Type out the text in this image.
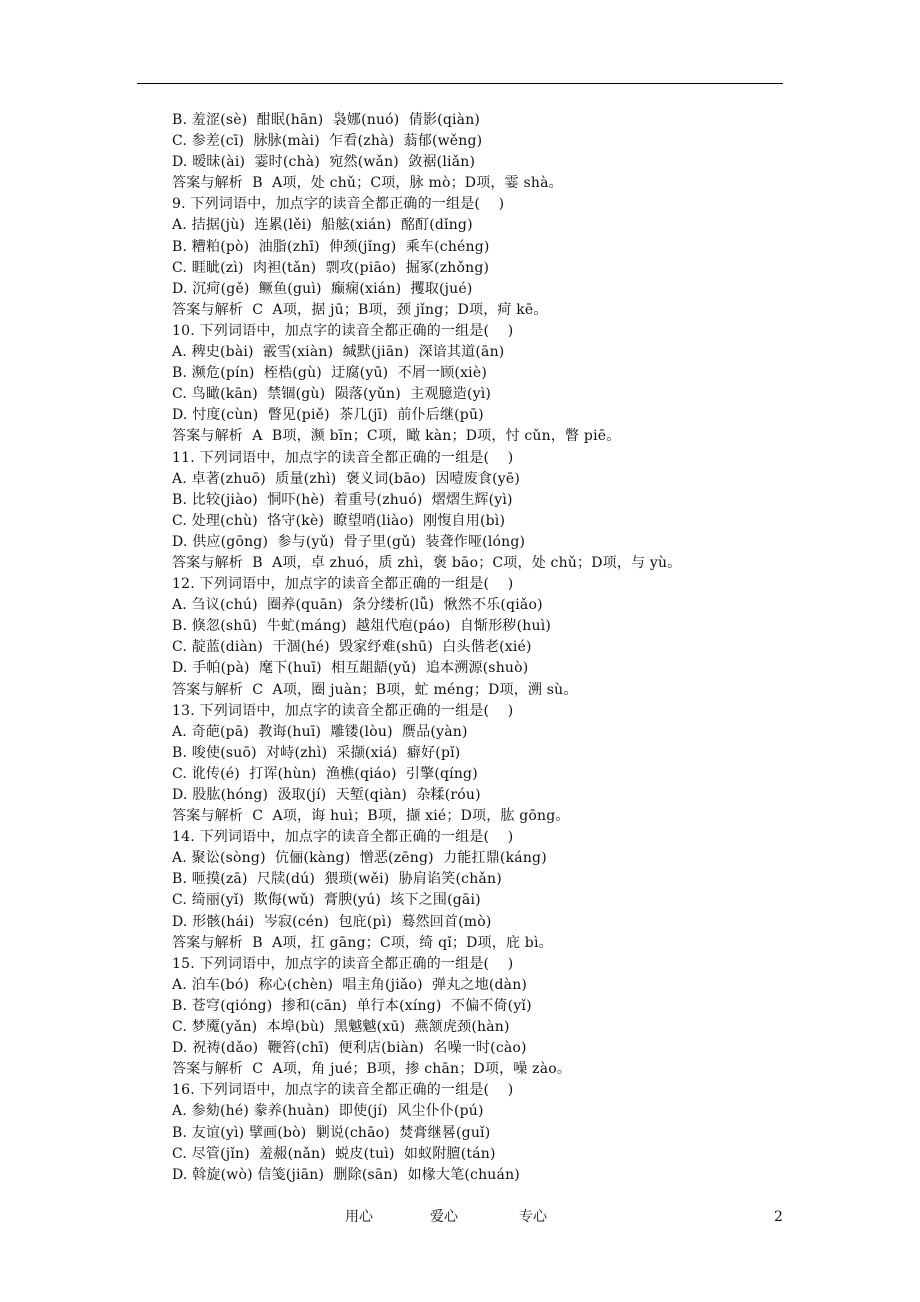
B. 羞涩(sè)  酣眠(hān)  袅娜(nuó)  倩影(qiàn)
C. 参差(cī)  脉脉(mài)  乍看(zhà)  蓊郁(wěng)
D. 暧昧(ài)  霎时(chà)  宛然(wǎn)  敛裾(liǎn)
答案与解析  B  A项，处 chǔ；C项，脉 mò；D项，霎 shà。
9. 下列词语中，加点字的读音全都正确的一组是(    )
A. 拮据(jù)  连累(lěi)  船舷(xián)  酩酊(dǐng)
B. 糟粕(pò)  油脂(zhī)  伸颈(jǐng)  乘车(chéng)
C. 睚眦(zì)  肉袒(tǎn)  剽攻(piāo)  掘冢(zhǒng)
D. 沉疴(gě)  鳜鱼(guì)  癫痫(xián)  攫取(jué)
答案与解析  C  A项，据 jū；B项，颈 jǐng；D项，疴 kē。
10. 下列词语中，加点字的读音全都正确的一组是(    )
A. 稗史(bài)  霰雪(xiàn)  缄默(jiān)  深谙其道(ān)
B. 濒危(pín)  桎梏(gù)  迂腐(yū)  不屑一顾(xiè)
C. 鸟瞰(kān)  禁锢(gù)  陨落(yǔn)  主观臆造(yì)
D. 忖度(cùn)  瞥见(piě)  茶几(jī)  前仆后继(pū)
答案与解析  A  B项，濒 bīn；C项，瞰 kàn；D项，忖 cǔn，瞥 piē。
11. 下列词语中，加点字的读音全都正确的一组是(    )
A. 卓著(zhuō)  质量(zhì)  褒义词(bāo)  因噎废食(yē)
B. 比较(jiào)  恫吓(hè)  着重号(zhuó)  熠熠生辉(yì)
C. 处理(chù)  恪守(kè)  瞭望哨(liào)  刚愎自用(bì)
D. 供应(gōng)  参与(yǔ)  骨子里(gǔ)  装聋作哑(lóng)
答案与解析  B  A项，卓 zhuó，质 zhì，褒 bāo；C项，处 chǔ；D项，与 yù。
12. 下列词语中，加点字的读音全都正确的一组是(    )
A. 刍议(chú)  圈养(quān)  条分缕析(lǚ)  愀然不乐(qiǎo)
B. 倏忽(shū)  牛虻(máng)  越俎代庖(páo)  自惭形秽(huì)
C. 靛蓝(diàn)  干涸(hé)  毁家纾难(shū)  白头偕老(xié)
D. 手帕(pà)  麾下(huī)  相互龃龉(yǔ)  追本溯源(shuò)
答案与解析  C  A项，圈 juàn；B项，虻 méng；D项，溯 sù。
13. 下列词语中，加点字的读音全都正确的一组是(    )
A. 奇葩(pā)  教诲(huī)  雕镂(lòu)  赝品(yàn)
B. 唆使(suō)  对峙(zhì)  采撷(xiá)  癖好(pǐ)
C. 讹传(é)  打诨(hùn)  渔樵(qiáo)  引擎(qíng)
D. 股肱(hóng)  汲取(jí)  天堑(qiàn)  杂糅(róu)
答案与解析  C  A项，诲 huì；B项，撷 xié；D项，肱 gōng。
14. 下列词语中，加点字的读音全都正确的一组是(    )
A. 聚讼(sòng)  伉俪(kàng)  憎恶(zēng)  力能扛鼎(káng)
B. 咂摸(zā)  尺牍(dú)  猥琐(wěi)  胁肩谄笑(chǎn)
C. 绮丽(yǐ)  欺侮(wǔ)  膏腴(yú)  垓下之围(gāi)
D. 形骸(hái)  岑寂(cén)  包庇(pì)  蓦然回首(mò)
答案与解析  B  A项，扛 gāng；C项，绮 qǐ；D项，庇 bì。
15. 下列词语中，加点字的读音全都正确的一组是(    )
A. 泊车(bó)  称心(chèn)  唱主角(jiǎo)  弹丸之地(dàn)
B. 苍穹(qióng)  掺和(cān)  单行本(xíng)  不偏不倚(yǐ)
C. 梦魇(yǎn)  本埠(bù)  黑魆魆(xū)  燕颔虎颈(hàn)
D. 祝祷(dǎo)  鞭笞(chī)  便利店(biàn)  名噪一时(cào)
答案与解析  C  A项，角 jué；B项，掺 chān；D项，噪 zào。
16. 下列词语中，加点字的读音全都正确的一组是(    )
A. 参劾(hé) 豢养(huàn)  即使(jí)  风尘仆仆(pú)
B. 友谊(yì) 擘画(bò)  剿说(chāo)  焚膏继晷(guǐ)
C. 尽管(jǐn)  羞赧(nǎn)  蜕皮(tuì)  如蚁附膻(tán)
D. 斡旋(wò) 信笺(jiān)  删除(sān)  如椽大笔(chuán)
用心	爱心	专心	2
